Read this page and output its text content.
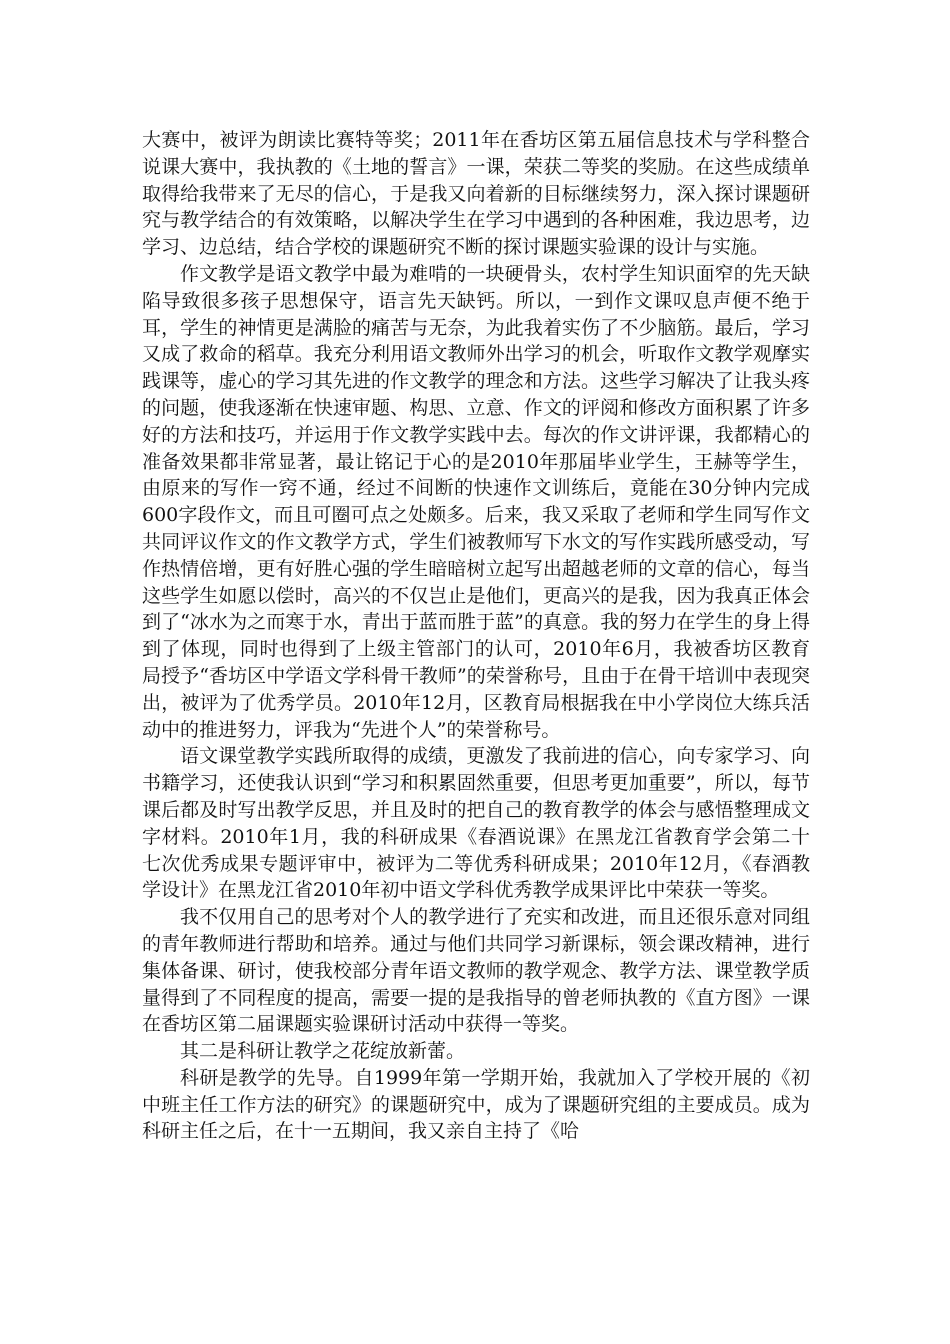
大赛中，被评为朗读比赛特等奖；2011年在香坊区第五届信息技术与学科整合说课大赛中，我执教的《土地的誓言》一课，荣获二等奖的奖励。在这些成绩单取得给我带来了无尽的信心，于是我又向着新的目标继续努力，深入探讨课题研究与教学结合的有效策略，以解决学生在学习中遇到的各种困难，我边思考，边学习、边总结，结合学校的课题研究不断的探讨课题实验课的设计与实施。

作文教学是语文教学中最为难啃的一块硬骨头，农村学生知识面窄的先天缺陷导致很多孩子思想保守，语言先天缺钙。所以，一到作文课叹息声便不绝于耳，学生的神情更是满脸的痛苦与无奈，为此我着实伤了不少脑筋。最后，学习又成了救命的稻草。我充分利用语文教师外出学习的机会，听取作文教学观摩实践课等，虚心的学习其先进的作文教学的理念和方法。这些学习解决了让我头疼的问题，使我逐渐在快速审题、构思、立意、作文的评阅和修改方面积累了许多好的方法和技巧，并运用于作文教学实践中去。每次的作文讲评课，我都精心的准备效果都非常显著，最让铭记于心的是2010年那届毕业学生，王赫等学生，由原来的写作一窍不通，经过不间断的快速作文训练后，竟能在30分钟内完成600字段作文，而且可圈可点之处颇多。后来，我又采取了老师和学生同写作文共同评议作文的作文教学方式，学生们被教师写下水文的写作实践所感受动，写作热情倍增，更有好胜心强的学生暗暗树立起写出超越老师的文章的信心，每当这些学生如愿以偿时，高兴的不仅岂止是他们，更高兴的是我，因为我真正体会到了“冰水为之而寒于水，青出于蓝而胜于蓝”的真意。我的努力在学生的身上得到了体现，同时也得到了上级主管部门的认可，2010年6月，我被香坊区教育局授予“香坊区中学语文学科骨干教师”的荣誉称号，且由于在骨干培训中表现突出，被评为了优秀学员。2010年12月，区教育局根据我在中小学岗位大练兵活动中的推进努力，评我为“先进个人”的荣誉称号。

语文课堂教学实践所取得的成绩，更激发了我前进的信心，向专家学习、向书籍学习，还使我认识到“学习和积累固然重要，但思考更加重要”，所以，每节课后都及时写出教学反思，并且及时的把自己的教育教学的体会与感悟整理成文字材料。2010年1月，我的科研成果《春酒说课》在黑龙江省教育学会第二十七次优秀成果专题评审中，被评为二等优秀科研成果；2010年12月，《春酒教学设计》在黑龙江省2010年初中语文学科优秀教学成果评比中荣获一等奖。

我不仅用自己的思考对个人的教学进行了充实和改进，而且还很乐意对同组的青年教师进行帮助和培养。通过与他们共同学习新课标，领会课改精神，进行集体备课、研讨，使我校部分青年语文教师的教学观念、教学方法、课堂教学质量得到了不同程度的提高，需要一提的是我指导的曾老师执教的《直方图》一课在香坊区第二届课题实验课研讨活动中获得一等奖。

其二是科研让教学之花绽放新蕾。

科研是教学的先导。自1999年第一学期开始，我就加入了学校开展的《初中班主任工作方法的研究》的课题研究中，成为了课题研究组的主要成员。成为科研主任之后，在十一五期间，我又亲自主持了《哈
